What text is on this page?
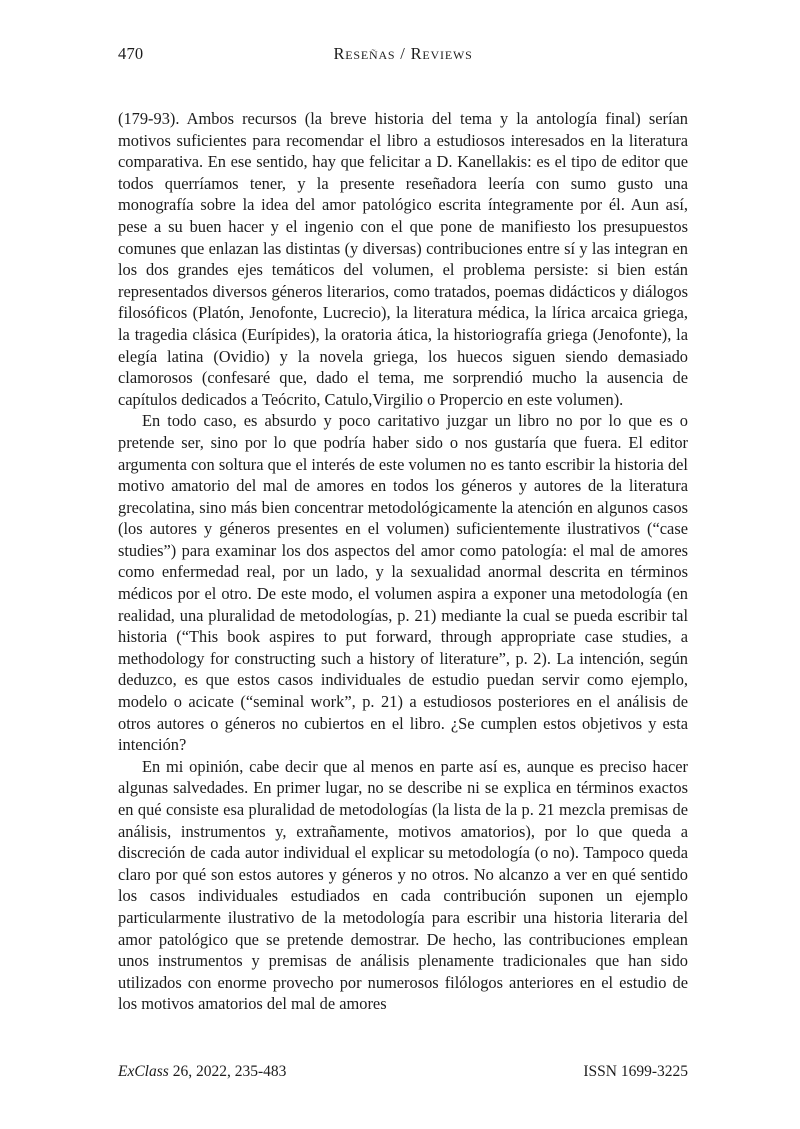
470	Reseñas / Reviews

(179-93). Ambos recursos (la breve historia del tema y la antología final) serían motivos suficientes para recomendar el libro a estudiosos interesados en la literatura comparativa. En ese sentido, hay que felicitar a D. Kanellakis: es el tipo de editor que todos querríamos tener, y la presente reseñadora leería con sumo gusto una monografía sobre la idea del amor patológico escrita íntegramente por él. Aun así, pese a su buen hacer y el ingenio con el que pone de manifiesto los presupuestos comunes que enlazan las distintas (y diversas) contribuciones entre sí y las integran en los dos grandes ejes temáticos del volumen, el problema persiste: si bien están representados diversos géneros literarios, como tratados, poemas didácticos y diálogos filosóficos (Platón, Jenofonte, Lucrecio), la literatura médica, la lírica arcaica griega, la tragedia clásica (Eurípides), la oratoria ática, la historiografía griega (Jenofonte), la elegía latina (Ovidio) y la novela griega, los huecos siguen siendo demasiado clamorosos (confesaré que, dado el tema, me sorprendió mucho la ausencia de capítulos dedicados a Teócrito, Catulo,Virgilio o Propercio en este volumen).

En todo caso, es absurdo y poco caritativo juzgar un libro no por lo que es o pretende ser, sino por lo que podría haber sido o nos gustaría que fuera. El editor argumenta con soltura que el interés de este volumen no es tanto escribir la historia del motivo amatorio del mal de amores en todos los géneros y autores de la literatura grecolatina, sino más bien concentrar metodológicamente la atención en algunos casos (los autores y géneros presentes en el volumen) suficientemente ilustrativos (“case studies”) para examinar los dos aspectos del amor como patología: el mal de amores como enfermedad real, por un lado, y la sexualidad anormal descrita en términos médicos por el otro. De este modo, el volumen aspira a exponer una metodología (en realidad, una pluralidad de metodologías, p. 21) mediante la cual se pueda escribir tal historia (“This book aspires to put forward, through appropriate case studies, a methodology for constructing such a history of literature”, p. 2). La intención, según deduzco, es que estos casos individuales de estudio puedan servir como ejemplo, modelo o acicate (“seminal work”, p. 21) a estudiosos posteriores en el análisis de otros autores o géneros no cubiertos en el libro. ¿Se cumplen estos objetivos y esta intención?

En mi opinión, cabe decir que al menos en parte así es, aunque es preciso hacer algunas salvedades. En primer lugar, no se describe ni se explica en términos exactos en qué consiste esa pluralidad de metodologías (la lista de la p. 21 mezcla premisas de análisis, instrumentos y, extrañamente, motivos amatorios), por lo que queda a discreción de cada autor individual el explicar su metodología (o no). Tampoco queda claro por qué son estos autores y géneros y no otros. No alcanzo a ver en qué sentido los casos individuales estudiados en cada contribución suponen un ejemplo particularmente ilustrativo de la metodología para escribir una historia literaria del amor patológico que se pretende demostrar. De hecho, las contribuciones emplean unos instrumentos y premisas de análisis plenamente tradicionales que han sido utilizados con enorme provecho por numerosos filólogos anteriores en el estudio de los motivos amatorios del mal de amores

ExClass 26, 2022, 235-483	ISSN 1699-3225
